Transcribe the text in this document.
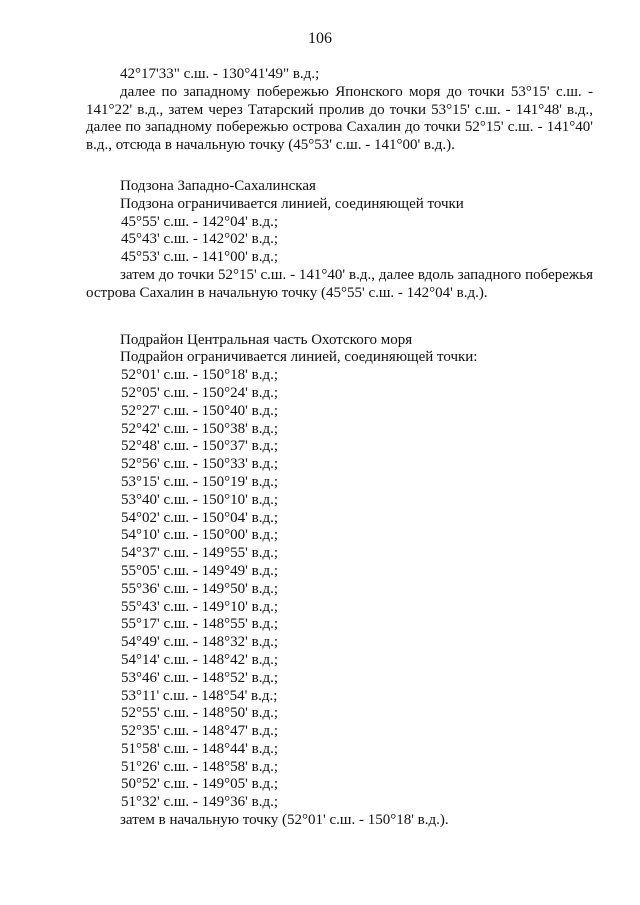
106

42°17'33" с.ш. - 130°41'49" в.д.;

далее по западному побережью Японского моря до точки 53°15' с.ш. - 141°22' в.д., затем через Татарский пролив до точки 53°15' с.ш. - 141°48' в.д., далее по западному побережью острова Сахалин до точки 52°15' с.ш. - 141°40' в.д., отсюда в начальную точку (45°53' с.ш. - 141°00' в.д.).

Подзона Западно-Сахалинская

Подзона ограничивается линией, соединяющей точки

45°55' с.ш. - 142°04' в.д.;
45°43' с.ш. - 142°02' в.д.;
45°53' с.ш. - 141°00' в.д.;

затем до точки 52°15' с.ш. - 141°40' в.д., далее вдоль западного побережья острова Сахалин в начальную точку (45°55' с.ш. - 142°04' в.д.).

Подрайон Центральная часть Охотского моря

Подрайон ограничивается линией, соединяющей точки:

52°01' с.ш. - 150°18' в.д.;
52°05' с.ш. - 150°24' в.д.;
52°27' с.ш. - 150°40' в.д.;
52°42' с.ш. - 150°38' в.д.;
52°48' с.ш. - 150°37' в.д.;
52°56' с.ш. - 150°33' в.д.;
53°15' с.ш. - 150°19' в.д.;
53°40' с.ш. - 150°10' в.д.;
54°02' с.ш. - 150°04' в.д.;
54°10' с.ш. - 150°00' в.д.;
54°37' с.ш. - 149°55' в.д.;
55°05' с.ш. - 149°49' в.д.;
55°36' с.ш. - 149°50' в.д.;
55°43' с.ш. - 149°10' в.д.;
55°17' с.ш. - 148°55' в.д.;
54°49' с.ш. - 148°32' в.д.;
54°14' с.ш. - 148°42' в.д.;
53°46' с.ш. - 148°52' в.д.;
53°11' с.ш. - 148°54' в.д.;
52°55' с.ш. - 148°50' в.д.;
52°35' с.ш. - 148°47' в.д.;
51°58' с.ш. - 148°44' в.д.;
51°26' с.ш. - 148°58' в.д.;
50°52' с.ш. - 149°05' в.д.;
51°32' с.ш. - 149°36' в.д.;

затем в начальную точку (52°01' с.ш. - 150°18' в.д.).
